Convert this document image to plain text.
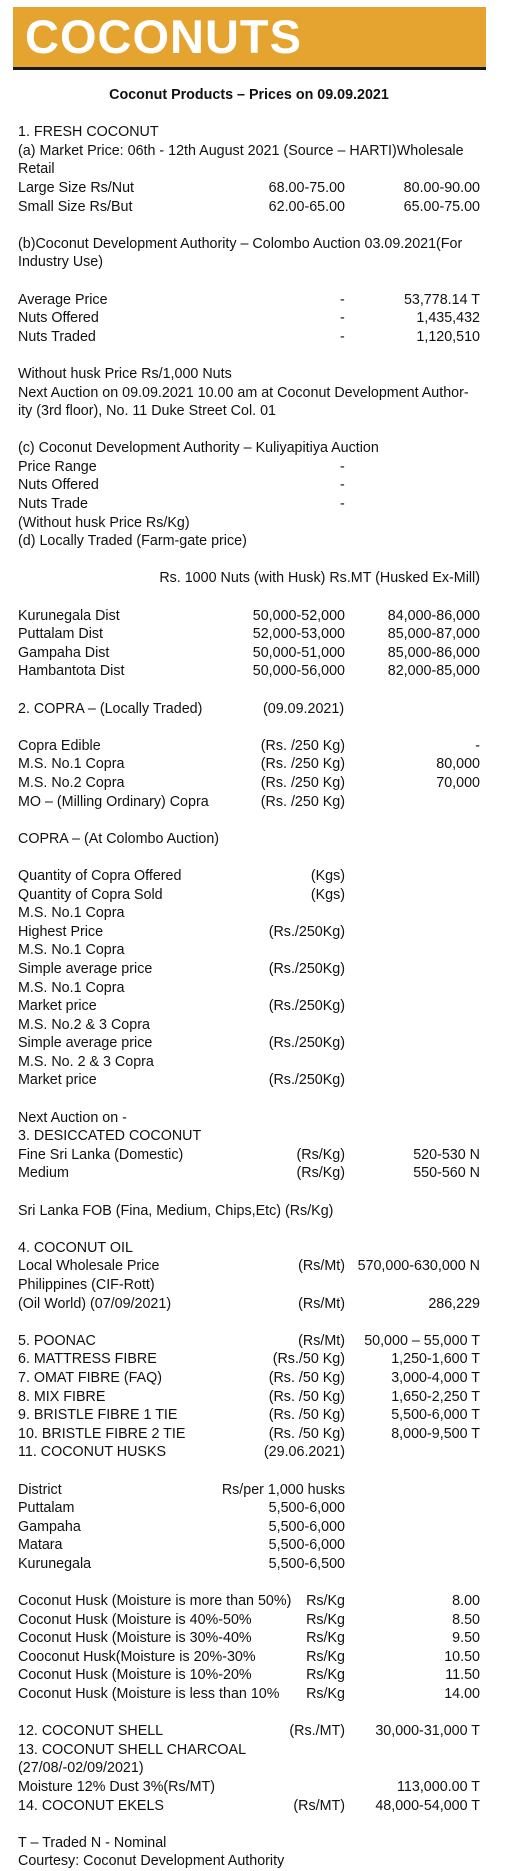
COCONUTS
Coconut Products – Prices on 09.09.2021
1. FRESH COCONUT
(a) Market Price: 06th - 12th August 2021 (Source – HARTI)Wholesale
Retail
Large Size Rs/Nut	68.00-75.00	80.00-90.00
Small Size Rs/But	62.00-65.00	65.00-75.00
(b)Coconut Development Authority – Colombo Auction 03.09.2021(For
Industry Use)
Average Price	-	53,778.14 T
Nuts Offered	-	1,435,432
Nuts Traded	-	1,120,510
Without husk Price Rs/1,000 Nuts
Next Auction on 09.09.2021 10.00 am at Coconut Development Author-
ity (3rd floor), No. 11 Duke Street Col. 01
(c) Coconut Development Authority – Kuliyapitiya Auction
Price Range	-
Nuts Offered	-
Nuts Trade	-
(Without husk Price Rs/Kg)
(d) Locally Traded (Farm-gate price)
Rs. 1000 Nuts (with Husk) Rs.MT (Husked Ex-Mill)
Kurunegala Dist	50,000-52,000	84,000-86,000
Puttalam Dist	52,000-53,000	85,000-87,000
Gampaha Dist	50,000-51,000	85,000-86,000
Hambantota Dist	50,000-56,000	82,000-85,000
2. COPRA – (Locally Traded)	(09.09.2021)
Copra Edible	(Rs. /250 Kg)	-
M.S. No.1 Copra	(Rs. /250 Kg)	80,000
M.S. No.2 Copra	(Rs. /250 Kg)	70,000
MO – (Milling Ordinary) Copra	(Rs. /250 Kg)
COPRA – (At Colombo Auction)
Quantity of Copra Offered	(Kgs)
Quantity of Copra Sold	(Kgs)
M.S. No.1 Copra
Highest Price	(Rs./250Kg)
M.S. No.1 Copra
Simple average price	(Rs./250Kg)
M.S. No.1 Copra
Market price	(Rs./250Kg)
M.S. No.2 & 3 Copra
Simple average price	(Rs./250Kg)
M.S. No. 2 & 3 Copra
Market price	(Rs./250Kg)
Next Auction on -
3. DESICCATED COCONUT
Fine Sri Lanka (Domestic)	(Rs/Kg)	520-530 N
Medium	(Rs/Kg)	550-560 N
Sri Lanka FOB (Fina, Medium, Chips,Etc) (Rs/Kg)
4. COCONUT OIL
Local Wholesale Price	(Rs/Mt) 570,000-630,000 N
Philippines (CIF-Rott)
(Oil World) (07/09/2021)	(Rs/Mt)	286,229
5. POONAC	(Rs/Mt) 50,000 – 55,000 T
6. MATTRESS FIBRE	(Rs./50 Kg)	1,250-1,600 T
7. OMAT FIBRE (FAQ)	(Rs. /50 Kg)	3,000-4,000 T
8. MIX FIBRE	(Rs. /50 Kg)	1,650-2,250 T
9. BRISTLE FIBRE 1 TIE	(Rs. /50 Kg)	5,500-6,000 T
10. BRISTLE FIBRE 2 TIE	(Rs. /50 Kg)	8,000-9,500 T
11. COCONUT HUSKS	(29.06.2021)
District	Rs/per 1,000 husks
Puttalam	5,500-6,000
Gampaha	5,500-6,000
Matara	5,500-6,000
Kurunegala	5,500-6,500
Coconut Husk (Moisture is more than 50%) Rs/Kg	8.00
Coconut Husk (Moisture is 40%-50%	Rs/Kg	8.50
Coconut Husk (Moisture is 30%-40%	Rs/Kg	9.50
Cooconut Husk(Moisture is 20%-30%	Rs/Kg	10.50
Coconut Husk (Moisture is 10%-20%	Rs/Kg	11.50
Coconut Husk (Moisture is less than 10% Rs/Kg	14.00
12. COCONUT SHELL	(Rs./MT) 30,000-31,000 T
13. COCONUT SHELL CHARCOAL
(27/08/-02/09/2021)
Moisture 12% Dust 3%(Rs/MT)	113,000.00 T
14. COCONUT EKELS	(Rs/MT) 48,000-54,000 T
T – Traded N - Nominal
Courtesy: Coconut Development Authority
